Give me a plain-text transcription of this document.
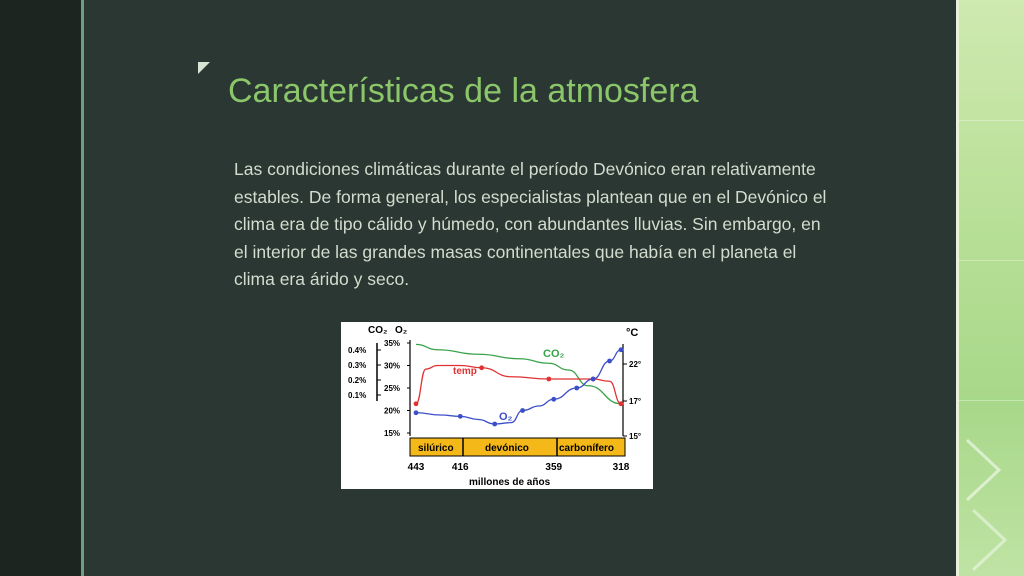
Características de la atmosfera
Las condiciones climáticas durante el período Devónico eran relativamente estables. De forma general, los especialistas plantean que en el Devónico el clima era de tipo cálido y húmedo, con abundantes lluvias. Sin embargo, en el interior de las grandes masas continentales que había en el planeta el clima era árido y seco.
CO₂ O₂	°C
35%
30%
25%
20%
15%
0.4%
0.3%
0.2%
0.1%
22°
17°
15°
CO₂
temp
O₂
silúrico	devónico	carbonífero
443	416	359	318
millones de años
